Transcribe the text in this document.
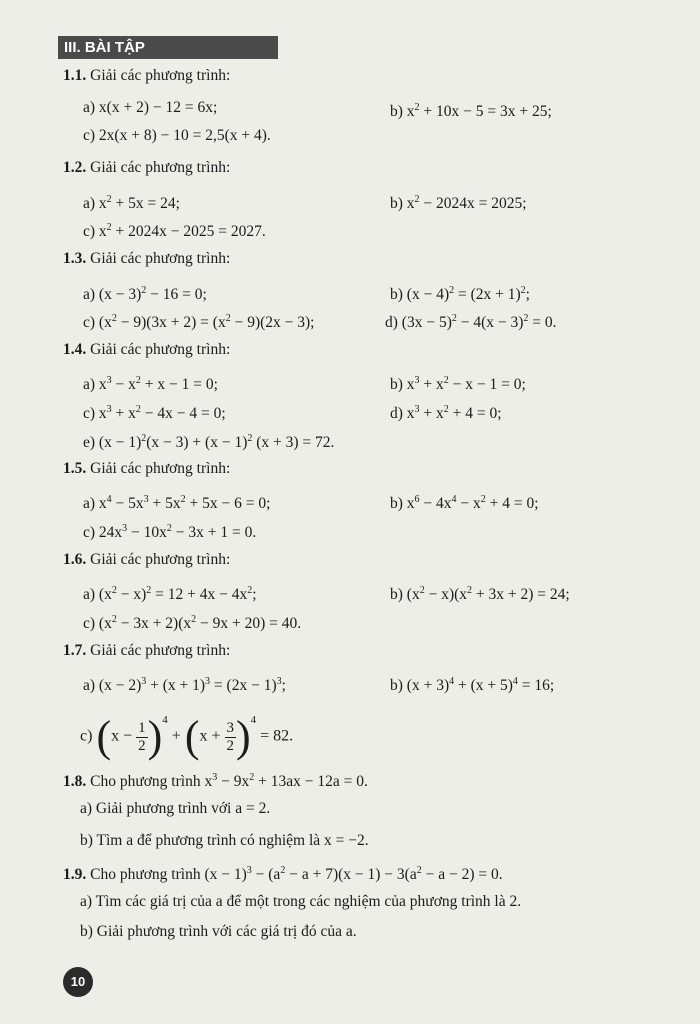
III. BÀI TẬP
1.1. Giải các phương trình:
a) x(x + 2) − 12 = 6x;	b) $x^2 + 10x - 5 = 3x + 25$;
c) 2x(x + 8) − 10 = 2,5(x + 4).
1.2. Giải các phương trình:
a) $x^2 + 5x = 24$;	b) $x^2 - 2024x = 2025$;
c) $x^2 + 2024x - 2025 = 2027$.
1.3. Giải các phương trình:
a) $(x - 3)^2 - 16 = 0$;	b) $(x - 4)^2 = (2x + 1)^2$;
c) $(x^2 - 9)(3x + 2) = (x^2 - 9)(2x - 3)$;	d) $(3x - 5)^2 - 4(x - 3)^2 = 0$.
1.4. Giải các phương trình:
a) $x^3 - x^2 + x - 1 = 0$;	b) $x^3 + x^2 - x - 1 = 0$;
c) $x^3 + x^2 - 4x - 4 = 0$;	d) $x^3 + x^2 + 4 = 0$;
e) $(x - 1)^2(x - 3) + (x - 1)^2$ (x + 3) = 72.
1.5. Giải các phương trình:
a) $x^4 - 5x^3 + 5x^2 + 5x - 6 = 0$;	b) $x^6 - 4x^4 - x^2 + 4 = 0$;
c) $24x^3 - 10x^2 - 3x + 1 = 0$.
1.6. Giải các phương trình:
a) $(x^2 - x)^2 = 12 + 4x - 4x^2$;	b) $(x^2 - x)(x^2 + 3x + 2) = 24$;
c) $(x^2 - 3x + 2)(x^2 - 9x + 20) = 40$.
1.7. Giải các phương trình:
a) $(x - 2)^3 + (x + 1)^3 = (2x - 1)^3$;	b) $(x + 3)^4 + (x + 5)^4 = 16$;
c) $(x - \frac{1}{2} )^4 + (x + \frac{3}{2} )^4 = 82$.
1.8. Cho phương trình $x^3 - 9x^2 + 13ax - 12a = 0$.
a) Giải phương trình với a = 2.
b) Tìm a để phương trình có nghiệm là x = −2.
1.9. Cho phương trình $(x - 1)^3 - (a^2 - a + 7)(x - 1) - 3(a^2 - a - 2) = 0$.
a) Tìm các giá trị của a để một trong các nghiệm của phương trình là 2.
b) Giải phương trình với các giá trị đó của a.
10
